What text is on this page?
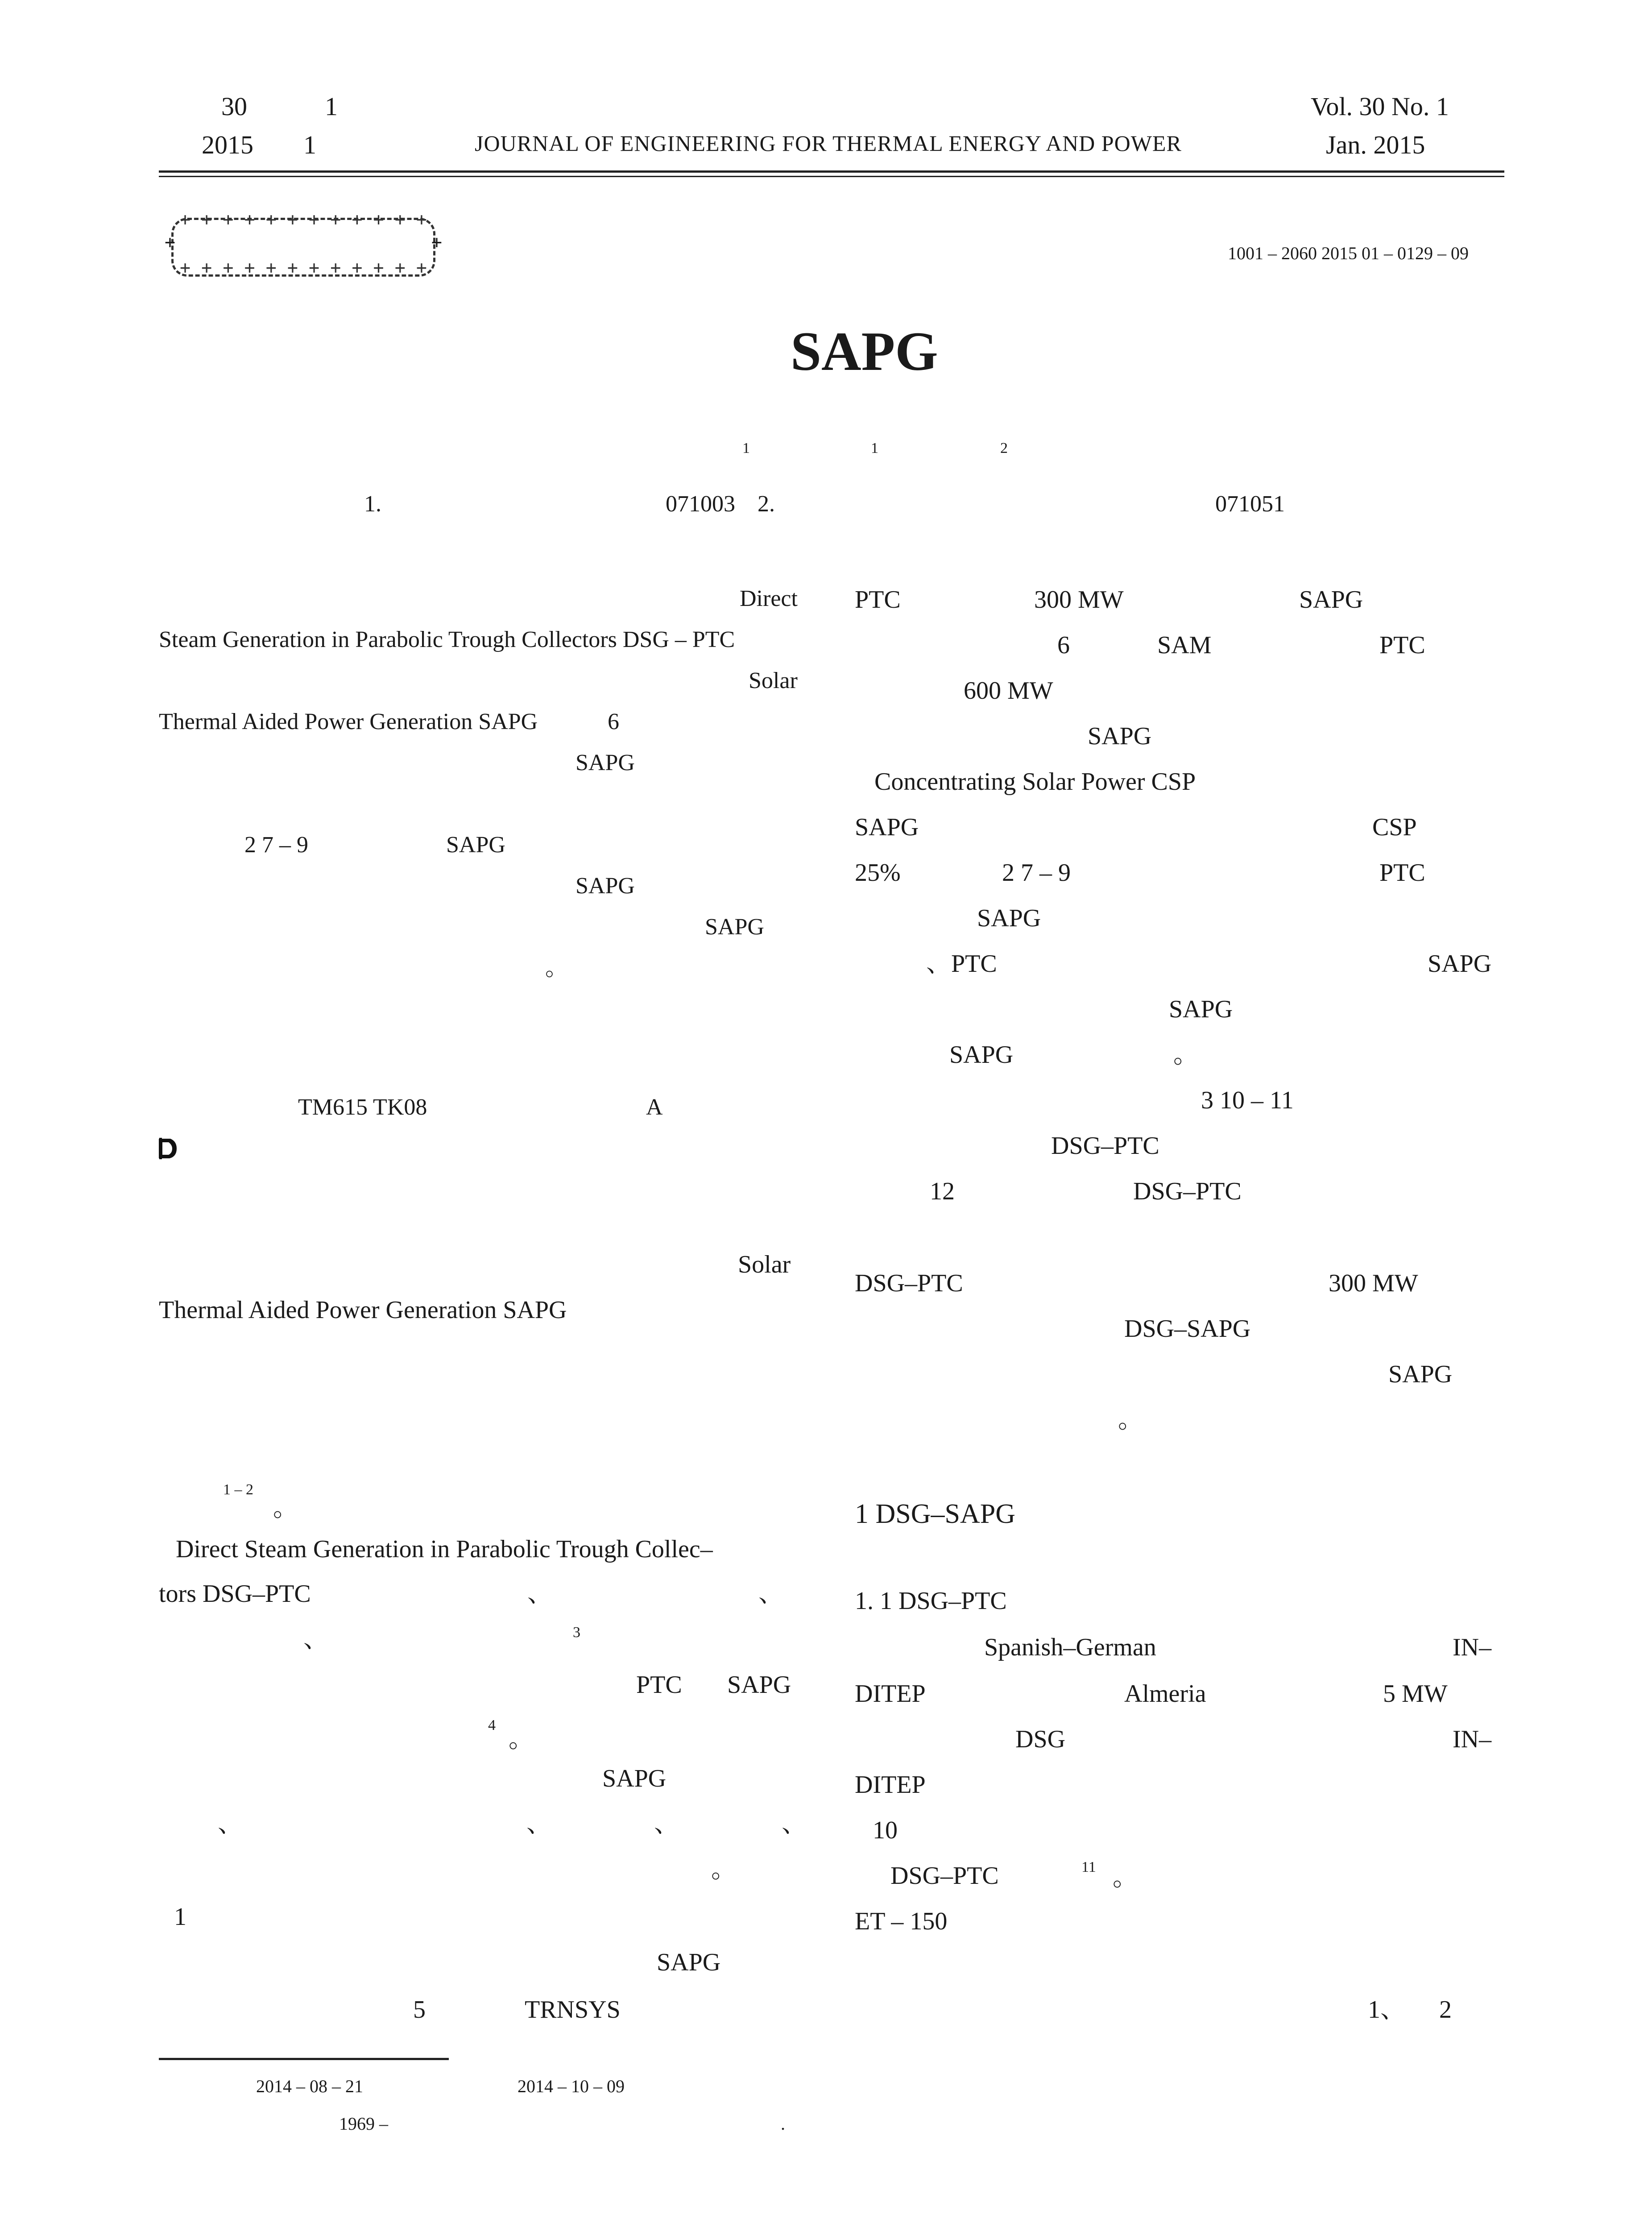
30	1
2015 1	JOURNAL OF ENGINEERING FOR THERMAL ENERGY AND POWER
Vol. 30 No. 1
Jan. 2015
+ + + + + + + + + + + +
+ + + + + + + + + + + +
+	+
1001 – 2060 2015 01 – 0129 – 09
SAPG
1	1	2
1.	071003 2.	071051
Direct
Steam Generation in Parabolic Trough Collectors DSG – PTC
Solar
Thermal Aided Power Generation SAPG	6
SAPG
2 7 – 9	SAPG
SAPG
SAPG
。
TM615 TK08	A
Solar
Thermal Aided Power Generation SAPG
1 – 2
。
Direct Steam Generation in Parabolic Trough Collec–
tors DSG–PTC	、	、
、	3
PTC SAPG
4
。
SAPG
、	、	、	、
。
1
SAPG
5	TRNSYS
2014 – 08 – 21	2014 – 10 – 09
1969 –	.
PTC	300 MW	SAPG
6	SAM	PTC
600 MW
SAPG
Concentrating Solar Power CSP
SAPG	CSP
25%	2 7 – 9	PTC
SAPG
、PTC	SAPG
SAPG
SAPG	。
3 10 – 11
DSG–PTC
12	DSG–PTC
DSG–PTC	300 MW
DSG–SAPG
SAPG
。
1 DSG–SAPG
1. 1 DSG–PTC
Spanish–German	IN–
DITEP	Almeria	5 MW
DSG	IN–
DITEP
10
DSG–PTC	11 。
ET – 150
1、 2
